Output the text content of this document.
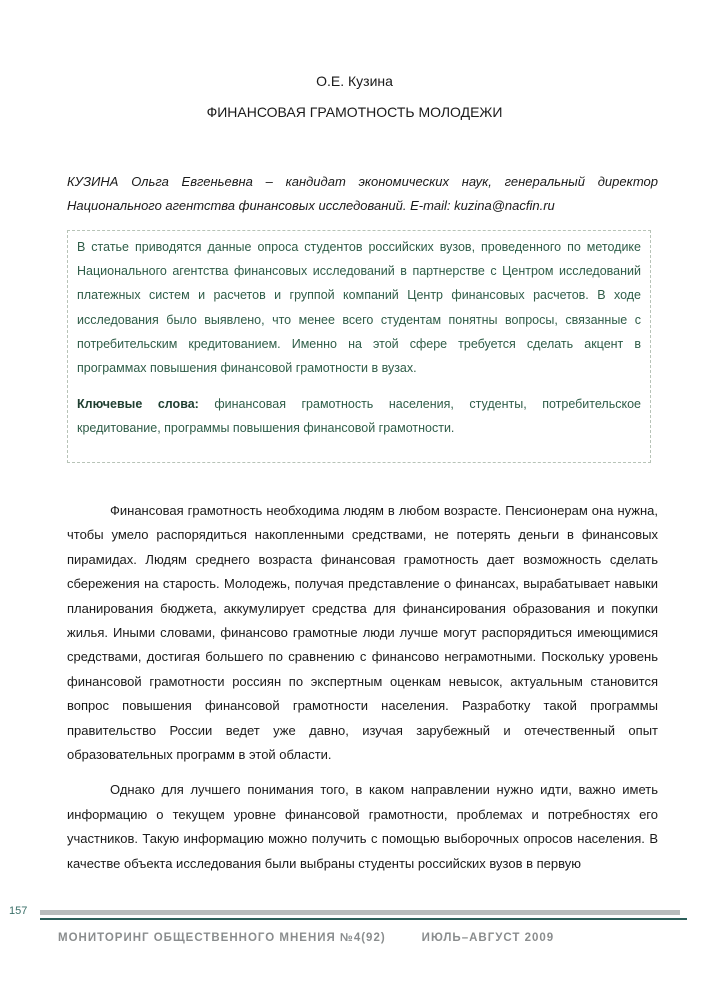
О.Е. Кузина
ФИНАНСОВАЯ ГРАМОТНОСТЬ МОЛОДЕЖИ
КУЗИНА Ольга Евгеньевна – кандидат экономических наук, генеральный директор Национального агентства финансовых исследований. E-mail: kuzina@nacfin.ru

В статье приводятся данные опроса студентов российских вузов, проведенного по методике Национального агентства финансовых исследований в партнерстве с Центром исследований платежных систем и расчетов и группой компаний Центр финансовых расчетов. В ходе исследования было выявлено, что менее всего студентам понятны вопросы, связанные с потребительским кредитованием. Именно на этой сфере требуется сделать акцент в программах повышения финансовой грамотности в вузах.

Ключевые слова: финансовая грамотность населения, студенты, потребительское кредитование, программы повышения финансовой грамотности.

Финансовая грамотность необходима людям в любом возрасте. Пенсионерам она нужна, чтобы умело распорядиться накопленными средствами, не потерять деньги в финансовых пирамидах. Людям среднего возраста финансовая грамотность дает возможность сделать сбережения на старость. Молодежь, получая представление о финансах, вырабатывает навыки планирования бюджета, аккумулирует средства для финансирования образования и покупки жилья. Иными словами, финансово грамотные люди лучше могут распорядиться имеющимися средствами, достигая большего по сравнению с финансово неграмотными. Поскольку уровень финансовой грамотности россиян по экспертным оценкам невысок, актуальным становится вопрос повышения финансовой грамотности населения. Разработку такой программы правительство России ведет уже давно, изучая зарубежный и отечественный опыт образовательных программ в этой области.

Однако для лучшего понимания того, в каком направлении нужно идти, важно иметь информацию о текущем уровне финансовой грамотности, проблемах и потребностях его участников. Такую информацию можно получить с помощью выборочных опросов населения. В качестве объекта исследования были выбраны студенты российских вузов в первую

157
МОНИТОРИНГ ОБЩЕСТВЕННОГО МНЕНИЯ №4(92)	ИЮЛЬ–АВГУСТ 2009
